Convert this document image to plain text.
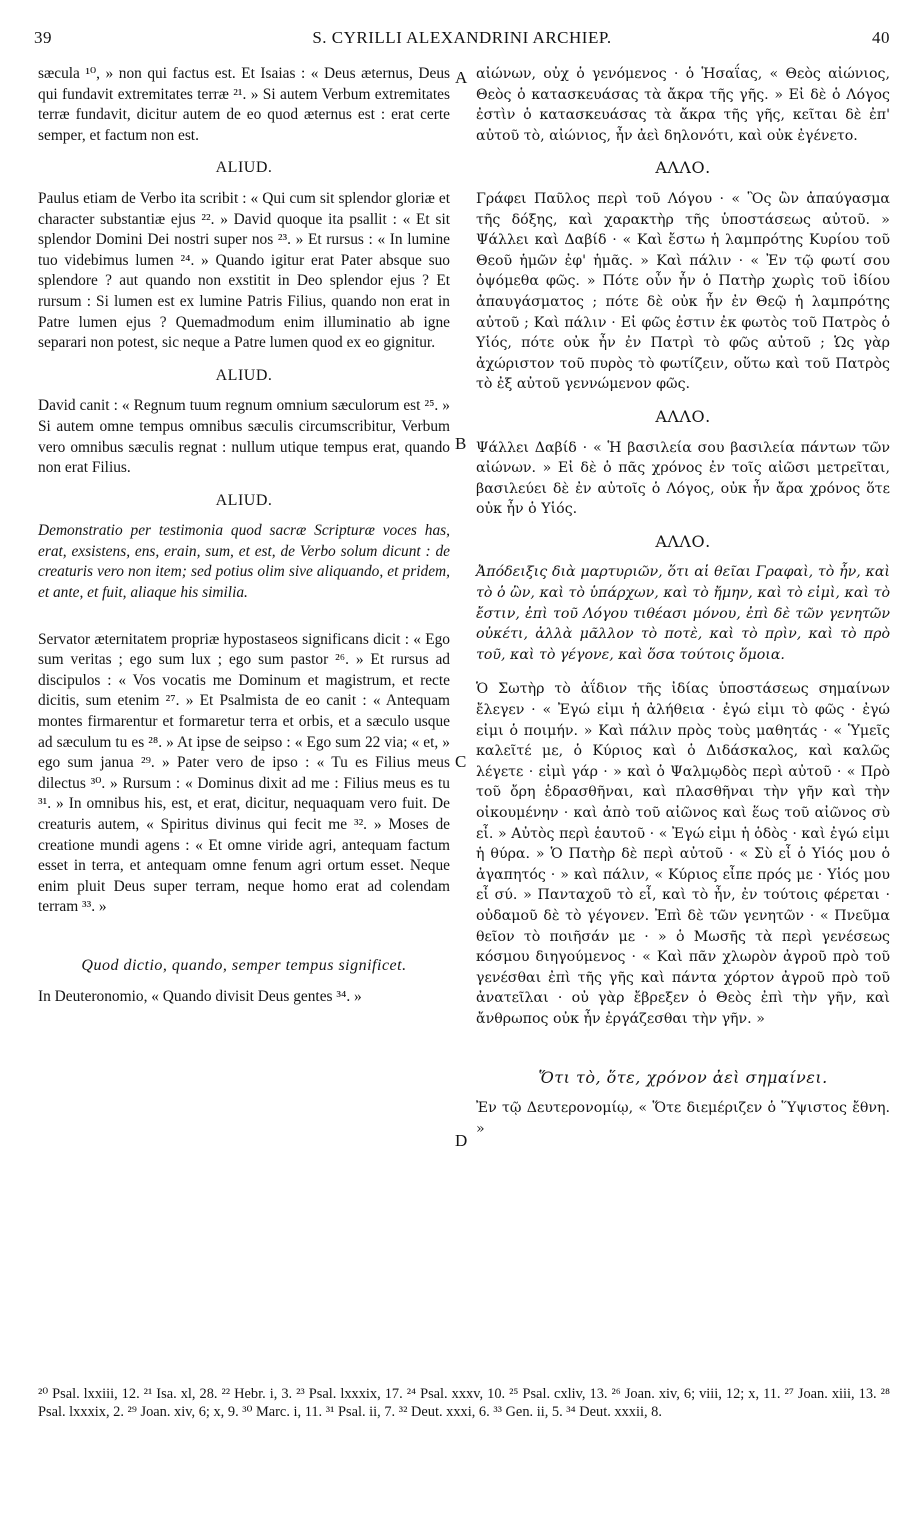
39	S. CYRILLI ALEXANDRINI ARCHIEP.	40

sæcula ¹⁰, » non qui factus est. Et Isaias : « Deus æternus, Deus qui fundavit extremitates terræ ²¹. » Si autem Verbum extremitates terræ fundavit, dicitur autem de eo quod æternus est : erat certe semper, et factum non est.

ALIUD.

Paulus etiam de Verbo ita scribit : « Qui cum sit splendor gloriæ et character substantiæ ejus ²². » David quoque ita psallit : « Et sit splendor Domini Dei nostri super nos ²³. » Et rursus : « In lumine tuo videbimus lumen ²⁴. » Quando igitur erat Pater absque suo splendore ? aut quando non exstitit in Deo splendor ejus ? Et rursum : Si lumen est ex lumine Patris Filius, quando non erat in Patre lumen ejus ? Quemadmodum enim illuminatio ab igne separari non potest, sic neque a Patre lumen quod ex eo gignitur.

ALIUD.

David canit : « Regnum tuum regnum omnium sæculorum est ²⁵. » Si autem omne tempus omnibus sæculis circumscribitur, Verbum vero omnibus sæculis regnat : nullum utique tempus erat, quando non erat Filius.

ALIUD.

Demonstratio per testimonia quod sacræ Scripturæ voces has, erat, exsistens, ens, erain, sum, et est, de Verbo solum dicunt : de creaturis vero non item; sed potius olim sive aliquando, et pridem, et ante, et fuit, aliaque his similia.

Servator æternitatem propriæ hypostaseos significans dicit : « Ego sum veritas ; ego sum lux ; ego sum pastor ²⁶. » Et rursus ad discipulos : « Vos vocatis me Dominum et magistrum, et recte dicitis, sum etenim ²⁷. » Et Psalmista de eo canit : « Antequam montes firmarentur et formaretur terra et orbis, et a sæculo usque ad sæculum tu es ²⁸. » At ipse de seipso : « Ego sum 22 via; « et, » ego sum janua ²⁹. » Pater vero de ipso : « Tu es Filius meus dilectus ³⁰. » Rursum : « Dominus dixit ad me : Filius meus es tu ³¹. » In omnibus his, est, et erat, dicitur, nequaquam vero fuit. De creaturis autem, « Spiritus divinus qui fecit me ³². » Moses de creatione mundi agens : « Et omne viride agri, antequam factum esset in terra, et antequam omne fenum agri ortum esset. Neque enim pluit Deus super terram, neque homo erat ad colendam terram ³³. »

Quod dictio, quando, semper tempus significet.

In Deuteronomio, « Quando divisit Deus gentes ³⁴. »

αἰώνων, οὐχ ὁ γενόμενος · ὁ Ἡσαΐας, « Θεὸς αἰώνιος, Θεὸς ὁ κατασκευάσας τὰ ἄκρα τῆς γῆς. » Εἰ δὲ ὁ Λόγος ἐστὶν ὁ κατασκευάσας τὰ ἄκρα τῆς γῆς, κεῖται δὲ ἐπ' αὐτοῦ τὸ, αἰώνιος, ἦν ἀεὶ δηλονότι, καὶ οὐκ ἐγένετο.

ΑΛΛΟ.

Γράφει Παῦλος περὶ τοῦ Λόγου · « Ὃς ὢν ἀπαύγασμα τῆς δόξης, καὶ χαρακτὴρ τῆς ὑποστάσεως αὐτοῦ. » Ψάλλει καὶ Δαβίδ · « Καὶ ἔστω ἡ λαμπρότης Κυρίου τοῦ Θεοῦ ἡμῶν ἐφ' ἡμᾶς. » Καὶ πάλιν · « Ἐν τῷ φωτί σου ὀψόμεθα φῶς. » Πότε οὖν ἦν ὁ Πατὴρ χωρὶς τοῦ ἰδίου ἀπαυγάσματος ; πότε δὲ οὐκ ἦν ἐν Θεῷ ἡ λαμπρότης αὐτοῦ ; Καὶ πάλιν · Εἰ φῶς ἐστιν ἐκ φωτὸς τοῦ Πατρὸς ὁ Υἱός, πότε οὐκ ἦν ἐν Πατρὶ τὸ φῶς αὐτοῦ ; Ὡς γὰρ ἀχώριστον τοῦ πυρὸς τὸ φωτίζειν, οὕτω καὶ τοῦ Πατρὸς τὸ ἐξ αὐτοῦ γεννώμενον φῶς.

ΑΛΛΟ.

Ψάλλει Δαβίδ · « Ἡ βασιλεία σου βασιλεία πάντων τῶν αἰώνων. » Εἰ δὲ ὁ πᾶς χρόνος ἐν τοῖς αἰῶσι μετρεῖται, βασιλεύει δὲ ἐν αὐτοῖς ὁ Λόγος, οὐκ ἦν ἄρα χρόνος ὅτε οὐκ ἦν ὁ Υἱός.

ΑΛΛΟ.

Ἀπόδειξις διὰ μαρτυριῶν, ὅτι αἱ θεῖαι Γραφαὶ, τὸ ἦν, καὶ τὸ ὁ ὢν, καὶ τὸ ὑπάρχων, καὶ τὸ ἤμην, καὶ τὸ εἰμὶ, καὶ τὸ ἔστιν, ἐπὶ τοῦ Λόγου τιθέασι μόνου, ἐπὶ δὲ τῶν γενητῶν οὐκέτι, ἀλλὰ μᾶλλον τὸ ποτὲ, καὶ τὸ πρὶν, καὶ τὸ πρὸ τοῦ, καὶ τὸ γέγονε, καὶ ὅσα τούτοις ὅμοια.

Ὁ Σωτὴρ τὸ ἀΐδιον τῆς ἰδίας ὑποστάσεως σημαίνων ἔλεγεν · « Ἐγώ εἰμι ἡ ἀλήθεια · ἐγώ εἰμι τὸ φῶς · ἐγώ εἰμι ὁ ποιμήν. » Καὶ πάλιν πρὸς τοὺς μαθητάς · « Ὑμεῖς καλεῖτέ με, ὁ Κύριος καὶ ὁ Διδάσκαλος, καὶ καλῶς λέγετε · εἰμὶ γάρ · » καὶ ὁ Ψαλμῳδὸς περὶ αὐτοῦ · « Πρὸ τοῦ ὄρη ἑδρασθῆναι, καὶ πλασθῆναι τὴν γῆν καὶ τὴν οἰκουμένην · καὶ ἀπὸ τοῦ αἰῶνος καὶ ἕως τοῦ αἰῶνος σὺ εἶ. » Αὐτὸς περὶ ἑαυτοῦ · « Ἐγώ εἰμι ἡ ὁδὸς · καὶ ἐγώ εἰμι ἡ θύρα. » Ὁ Πατὴρ δὲ περὶ αὐτοῦ · « Σὺ εἶ ὁ Υἱός μου ὁ ἀγαπητός · » καὶ πάλιν, « Κύριος εἶπε πρός με · Υἱός μου εἶ σύ. » Πανταχοῦ τὸ εἶ, καὶ τὸ ἦν, ἐν τούτοις φέρεται · οὐδαμοῦ δὲ τὸ γέγονεν. Ἐπὶ δὲ τῶν γενητῶν · « Πνεῦμα θεῖον τὸ ποιῆσάν με · » ὁ Μωσῆς τὰ περὶ γενέσεως κόσμου διηγούμενος · « Καὶ πᾶν χλωρὸν ἀγροῦ πρὸ τοῦ γενέσθαι ἐπὶ τῆς γῆς καὶ πάντα χόρτον ἀγροῦ πρὸ τοῦ ἀνατεῖλαι · οὐ γὰρ ἔβρεξεν ὁ Θεὸς ἐπὶ τὴν γῆν, καὶ ἄνθρωπος οὐκ ἦν ἐργάζεσθαι τὴν γῆν. »

Ὅτι τὸ, ὅτε, χρόνον ἀεὶ σημαίνει.

Ἐν τῷ Δευτερονομίῳ, « Ὅτε διεμέριζεν ὁ Ὕψιστος ἔθνη. »

A
B
C
D
²⁰ Psal. lxxiii, 12. ²¹ Isa. xl, 28. ²² Hebr. i, 3. ²³ Psal. lxxxix, 17. ²⁴ Psal. xxxv, 10. ²⁵ Psal. cxliv, 13. ²⁶ Joan. xiv, 6; viii, 12; x, 11. ²⁷ Joan. xiii, 13. ²⁸ Psal. lxxxix, 2. ²⁹ Joan. xiv, 6; x, 9. ³⁰ Marc. i, 11. ³¹ Psal. ii, 7. ³² Deut. xxxi, 6. ³³ Gen. ii, 5. ³⁴ Deut. xxxii, 8.
